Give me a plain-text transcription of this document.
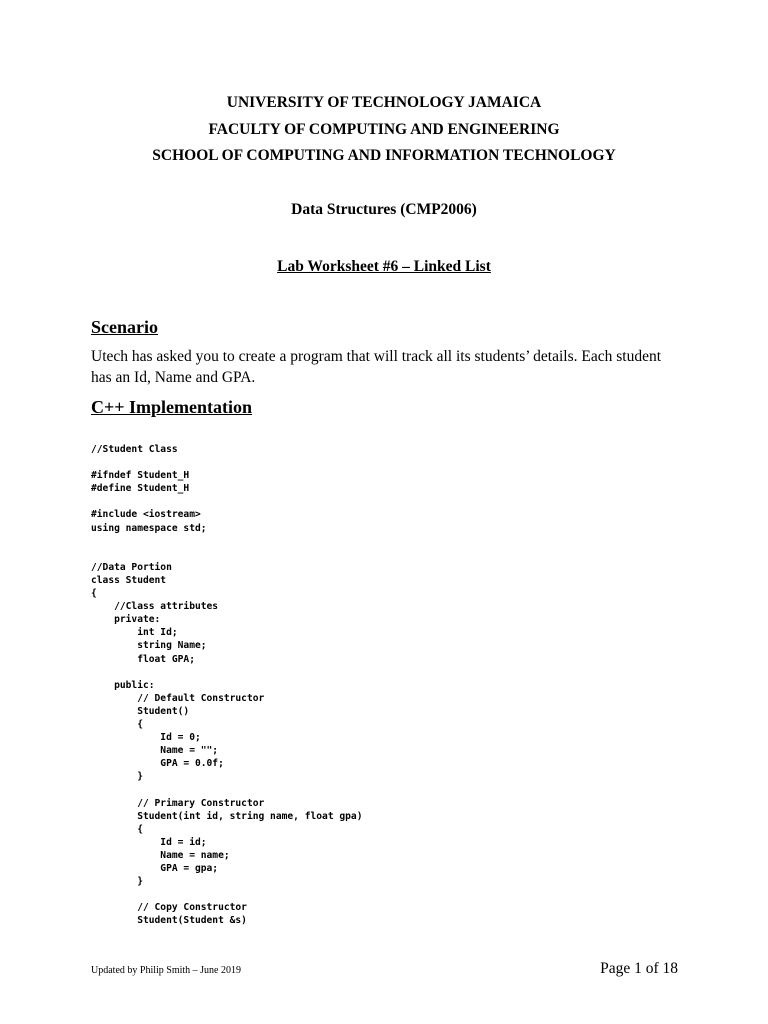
UNIVERSITY OF TECHNOLOGY JAMAICA
FACULTY OF COMPUTING AND ENGINEERING
SCHOOL OF COMPUTING AND INFORMATION TECHNOLOGY
Data Structures (CMP2006)
Lab Worksheet #6 – Linked List
Scenario
Utech has asked you to create a program that will track all its students’ details. Each student has an Id, Name and GPA.
C++ Implementation
//Student Class
#ifndef Student_H
#define Student_H
#include <iostream>
using namespace std;
//Data Portion
class Student
{
//Class attributes
private:
int Id;
string Name;
float GPA;
public:
// Default Constructor
Student()
{
Id = 0;
Name = "";
GPA = 0.0f;
}
// Primary Constructor
Student(int id, string name, float gpa)
{
Id = id;
Name = name;
GPA = gpa;
}
// Copy Constructor
Student(Student &s)
Updated by Philip Smith – June 2019	Page 1 of 18
